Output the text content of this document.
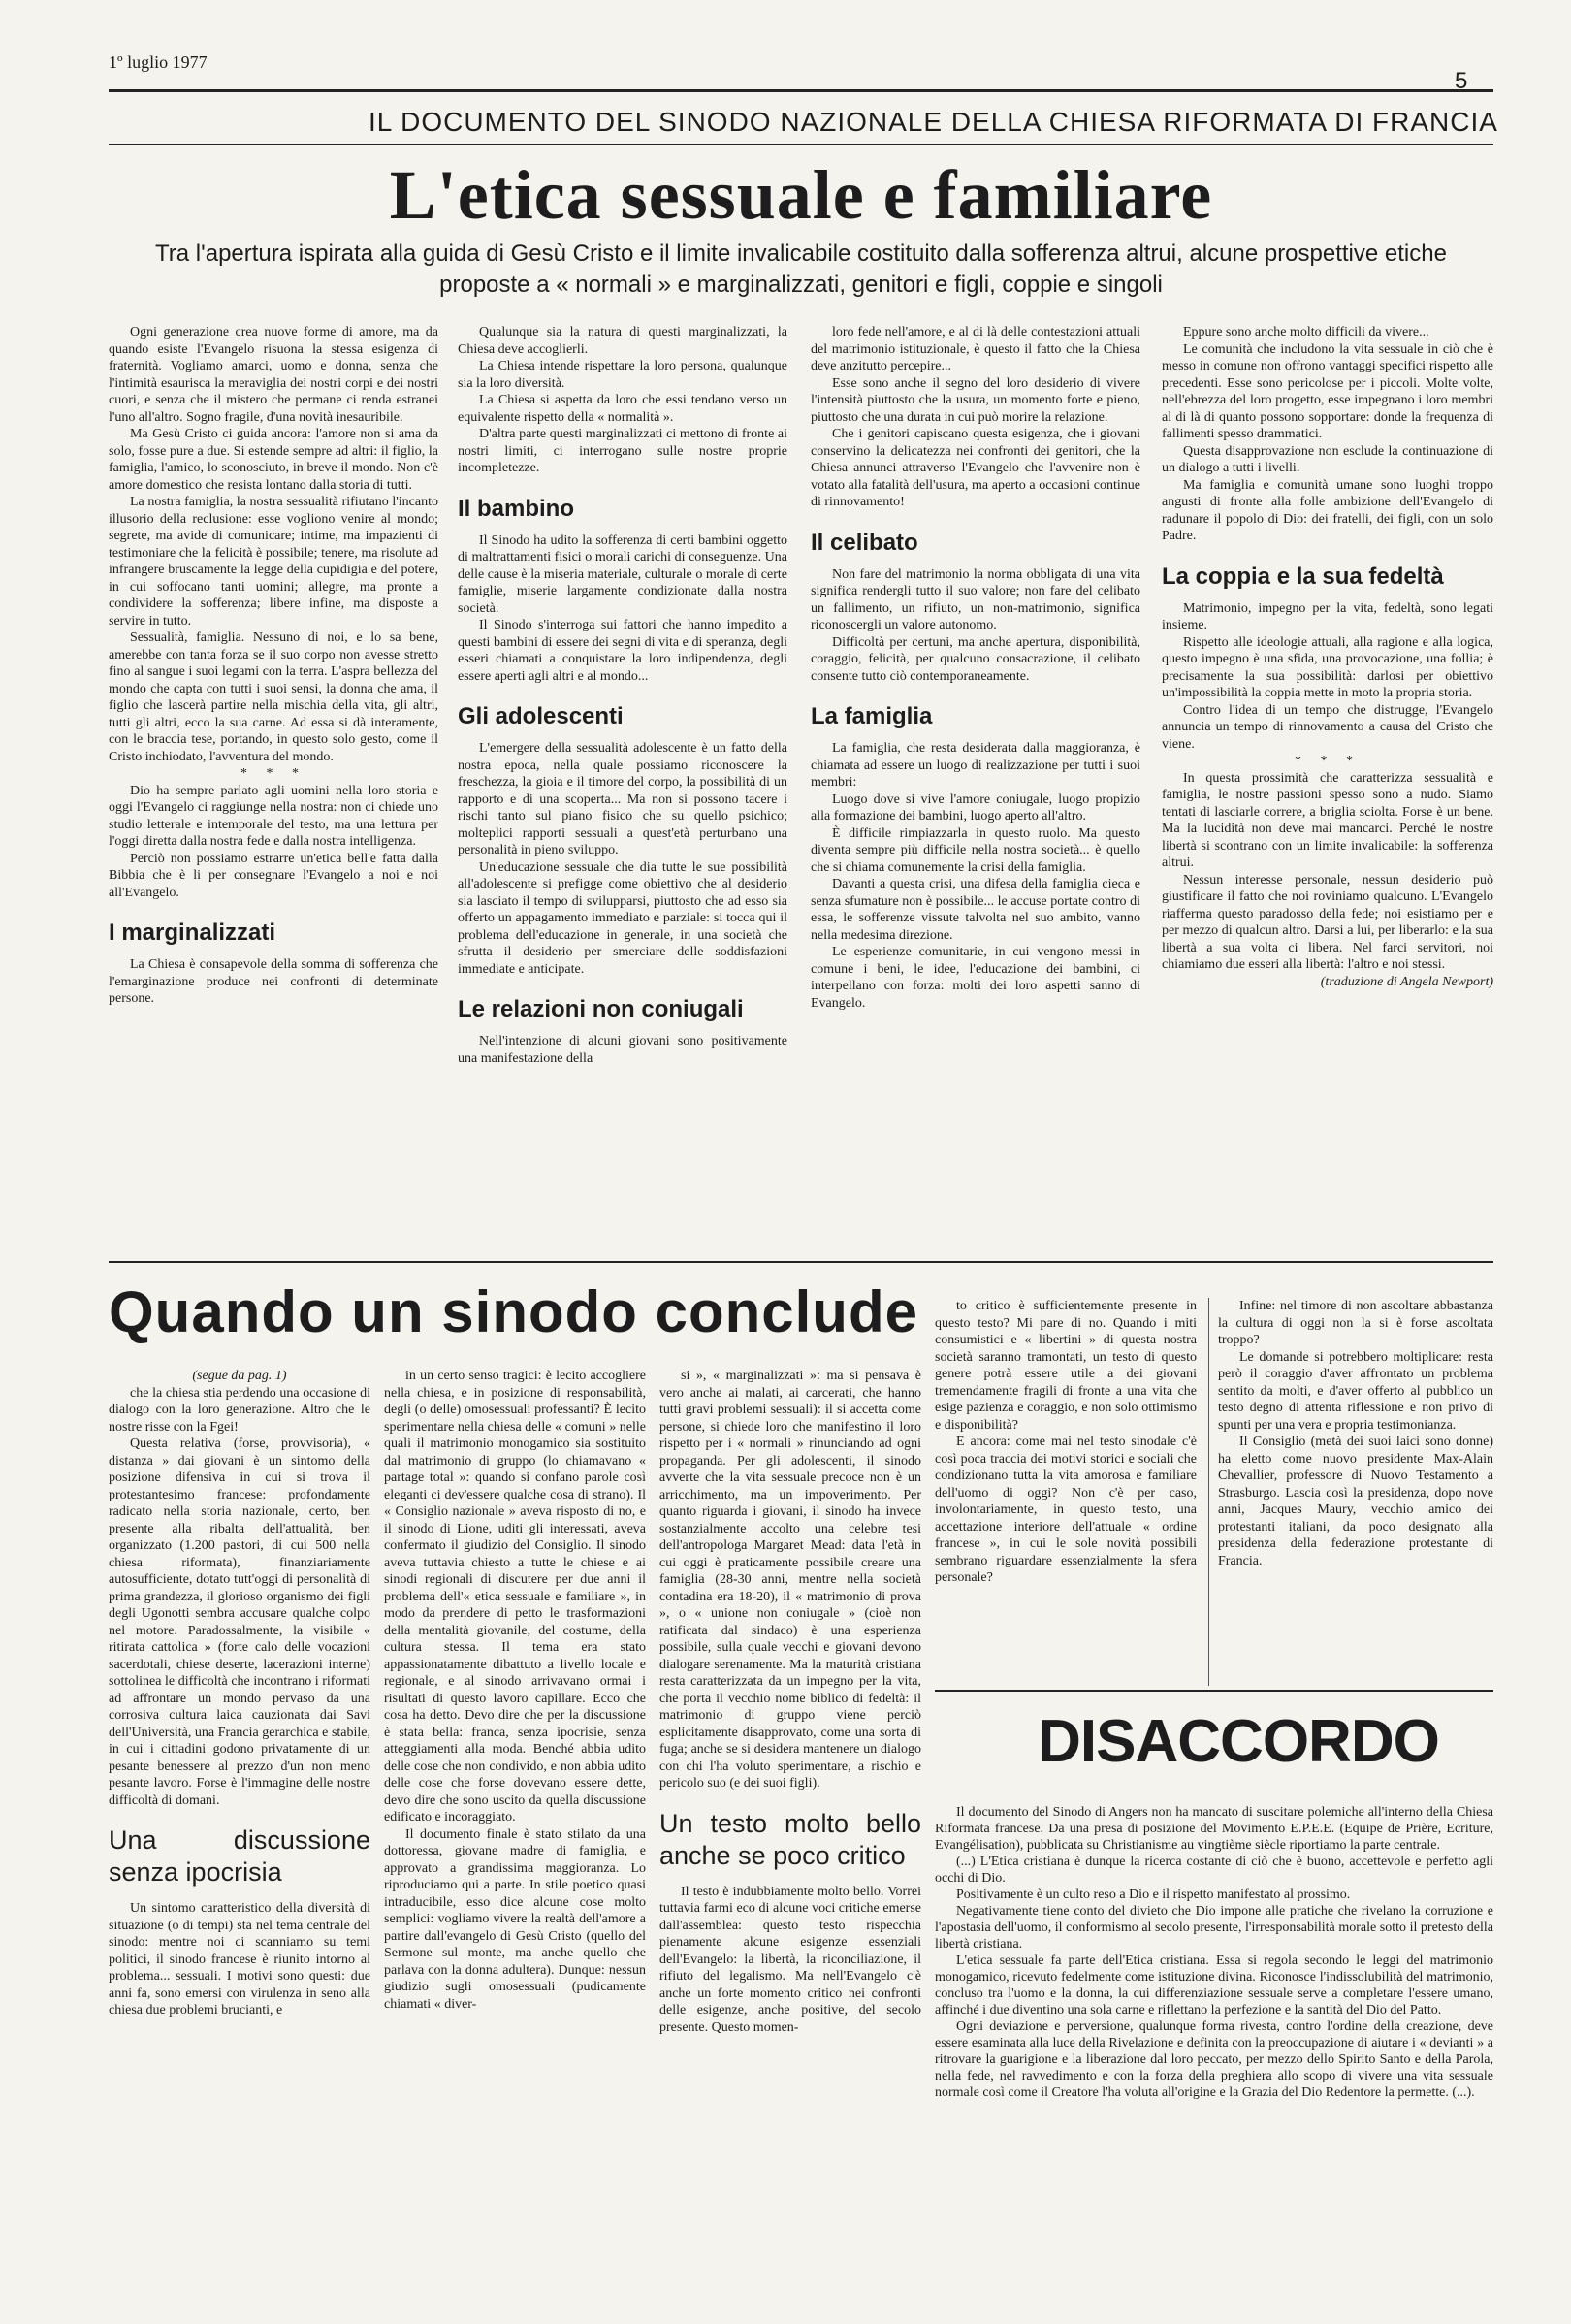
1º luglio 1977
5
IL DOCUMENTO DEL SINODO NAZIONALE DELLA CHIESA RIFORMATA DI FRANCIA
L'etica sessuale e familiare
Tra l'apertura ispirata alla guida di Gesù Cristo e il limite invalicabile costituito dalla sofferenza altrui, alcune prospettive etiche proposte a « normali » e marginalizzati, genitori e figli, coppie e singoli

Ogni generazione crea nuove forme di amore, ma da quando esiste l'Evangelo risuona la stessa esigenza di fraternità. Vogliamo amarci, uomo e donna, senza che l'intimità esaurisca la meraviglia dei nostri corpi e dei nostri cuori, e senza che il mistero che permane ci renda estranei l'uno all'altro. Sogno fragile, d'una novità inesauribile.

Ma Gesù Cristo ci guida ancora: l'amore non si ama da solo, fosse pure a due. Si estende sempre ad altri: il figlio, la famiglia, l'amico, lo sconosciuto, in breve il mondo. Non c'è amore domestico che resista lontano dalla storia di tutti.

La nostra famiglia, la nostra sessualità rifiutano l'incanto illusorio della reclusione: esse vogliono venire al mondo; segrete, ma avide di comunicare; intime, ma impazienti di testimoniare che la felicità è possibile; tenere, ma risolute ad infrangere bruscamente la legge della cupidigia e del potere, in cui soffocano tanti uomini; allegre, ma pronte a condividere la sofferenza; libere infine, ma disposte a servire in tutto.

Sessualità, famiglia. Nessuno di noi, e lo sa bene, amerebbe con tanta forza se il suo corpo non avesse stretto fino al sangue i suoi legami con la terra. L'aspra bellezza del mondo che capta con tutti i suoi sensi, la donna che ama, il figlio che lascerà partire nella mischia della vita, gli altri, tutti gli altri, ecco la sua carne. Ad essa si dà interamente, con le braccia tese, portando, in questo solo gesto, come il Cristo inchiodato, l'avventura del mondo.

* * *

Dio ha sempre parlato agli uomini nella loro storia e oggi l'Evangelo ci raggiunge nella nostra: non ci chiede uno studio letterale e intemporale del testo, ma una lettura per l'oggi diretta dalla nostra fede e dalla nostra intelligenza.

Perciò non possiamo estrarre un'etica bell'e fatta dalla Bibbia che è li per consegnare l'Evangelo a noi e noi all'Evangelo.

I marginalizzati

La Chiesa è consapevole della somma di sofferenza che l'emarginazione produce nei confronti di determinate persone.

Qualunque sia la natura di questi marginalizzati, la Chiesa deve accoglierli.

La Chiesa intende rispettare la loro persona, qualunque sia la loro diversità.

La Chiesa si aspetta da loro che essi tendano verso un equivalente rispetto della « normalità ».

D'altra parte questi marginalizzati ci mettono di fronte ai nostri limiti, ci interrogano sulle nostre proprie incompletezze.

Il bambino

Il Sinodo ha udito la sofferenza di certi bambini oggetto di maltrattamenti fisici o morali carichi di conseguenze. Una delle cause è la miseria materiale, culturale o morale di certe famiglie, miserie largamente condizionate dalla nostra società.

Il Sinodo s'interroga sui fattori che hanno impedito a questi bambini di essere dei segni di vita e di speranza, degli esseri chiamati a conquistare la loro indipendenza, degli essere aperti agli altri e al mondo...

Gli adolescenti

L'emergere della sessualità adolescente è un fatto della nostra epoca, nella quale possiamo riconoscere la freschezza, la gioia e il timore del corpo, la possibilità di un rapporto e di una scoperta... Ma non si possono tacere i rischi tanto sul piano fisico che su quello psichico; molteplici rapporti sessuali a quest'età perturbano una personalità in pieno sviluppo.

Un'educazione sessuale che dia tutte le sue possibilità all'adolescente si prefigge come obiettivo che al desiderio sia lasciato il tempo di svilupparsi, piuttosto che ad esso sia offerto un appagamento immediato e parziale: si tocca qui il problema dell'educazione in generale, in una società che sfrutta il desiderio per smerciare delle soddisfazioni immediate e anticipate.

Le relazioni non coniugali

Nell'intenzione di alcuni giovani sono positivamente una manifestazione della

loro fede nell'amore, e al di là delle contestazioni attuali del matrimonio istituzionale, è questo il fatto che la Chiesa deve anzitutto percepire...

Esse sono anche il segno del loro desiderio di vivere l'intensità piuttosto che la usura, un momento forte e pieno, piuttosto che una durata in cui può morire la relazione.

Che i genitori capiscano questa esigenza, che i giovani conservino la delicatezza nei confronti dei genitori, che la Chiesa annunci attraverso l'Evangelo che l'avvenire non è votato alla fatalità dell'usura, ma aperto a occasioni continue di rinnovamento!

Il celibato

Non fare del matrimonio la norma obbligata di una vita significa rendergli tutto il suo valore; non fare del celibato un fallimento, un rifiuto, un non-matrimonio, significa riconoscergli un valore autonomo.

Difficoltà per certuni, ma anche apertura, disponibilità, coraggio, felicità, per qualcuno consacrazione, il celibato consente tutto ciò contemporaneamente.

La famiglia

La famiglia, che resta desiderata dalla maggioranza, è chiamata ad essere un luogo di realizzazione per tutti i suoi membri:

Luogo dove si vive l'amore coniugale, luogo propizio alla formazione dei bambini, luogo aperto all'altro.

È difficile rimpiazzarla in questo ruolo. Ma questo diventa sempre più difficile nella nostra società... è quello che si chiama comunemente la crisi della famiglia.

Davanti a questa crisi, una difesa della famiglia cieca e senza sfumature non è possibile... le accuse portate contro di essa, le sofferenze vissute talvolta nel suo ambito, vanno nella medesima direzione.

Le esperienze comunitarie, in cui vengono messi in comune i beni, le idee, l'educazione dei bambini, ci interpellano con forza: molti dei loro aspetti sanno di Evangelo.

Eppure sono anche molto difficili da vivere...

Le comunità che includono la vita sessuale in ciò che è messo in comune non offrono vantaggi specifici rispetto alle precedenti. Esse sono pericolose per i piccoli. Molte volte, nell'ebrezza del loro progetto, esse impegnano i loro membri al di là di quanto possono sopportare: donde la frequenza di fallimenti spesso drammatici.

Questa disapprovazione non esclude la continuazione di un dialogo a tutti i livelli.

Ma famiglia e comunità umane sono luoghi troppo angusti di fronte alla folle ambizione dell'Evangelo di radunare il popolo di Dio: dei fratelli, dei figli, con un solo Padre.

La coppia e la sua fedeltà

Matrimonio, impegno per la vita, fedeltà, sono legati insieme.

Rispetto alle ideologie attuali, alla ragione e alla logica, questo impegno è una sfida, una provocazione, una follia; è precisamente la sua possibilità: darlosi per obiettivo un'impossibilità la coppia mette in moto la propria storia.

Contro l'idea di un tempo che distrugge, l'Evangelo annuncia un tempo di rinnovamento a causa del Cristo che viene.

* * *

In questa prossimità che caratterizza sessualità e famiglia, le nostre passioni spesso sono a nudo. Siamo tentati di lasciarle correre, a briglia sciolta. Forse è un bene. Ma la lucidità non deve mai mancarci. Perché le nostre libertà si scontrano con un limite invalicabile: la sofferenza altrui.

Nessun interesse personale, nessun desiderio può giustificare il fatto che noi roviniamo qualcuno. L'Evangelo riafferma questo paradosso della fede; noi esistiamo per e per mezzo di qualcun altro. Darsi a lui, per liberarlo: e la sua libertà a sua volta ci libera. Nel farci servitori, noi chiamiamo due esseri alla libertà: l'altro e noi stessi.

(traduzione di Angela Newport)

Quando un sinodo conclude

(segue da pag. 1)

che la chiesa stia perdendo una occasione di dialogo con la loro generazione. Altro che le nostre risse con la Fgei!

Questa relativa (forse, provvisoria), « distanza » dai giovani è un sintomo della posizione difensiva in cui si trova il protestantesimo francese: profondamente radicato nella storia nazionale, certo, ben presente alla ribalta dell'attualità, ben organizzato (1.200 pastori, di cui 500 nella chiesa riformata), finanziariamente autosufficiente, dotato tutt'oggi di personalità di prima grandezza, il glorioso organismo dei figli degli Ugonotti sembra accusare qualche colpo nel motore. Paradossalmente, la visibile « ritirata cattolica » (forte calo delle vocazioni sacerdotali, chiese deserte, lacerazioni interne) sottolinea le difficoltà che incontrano i riformati ad affrontare un mondo pervaso da una corrosiva cultura laica cauzionata dai Savi dell'Università, una Francia gerarchica e stabile, in cui i cittadini godono privatamente di un pesante benessere al prezzo d'un non meno pesante lavoro. Forse è l'immagine delle nostre difficoltà di domani.

Una discussione senza ipocrisia

Un sintomo caratteristico della diversità di situazione (o di tempi) sta nel tema centrale del sinodo: mentre noi ci scanniamo su temi politici, il sinodo francese è riunito intorno al problema... sessuali. I motivi sono questi: due anni fa, sono emersi con virulenza in seno alla chiesa due problemi brucianti, e

in un certo senso tragici: è lecito accogliere nella chiesa, e in posizione di responsabilità, degli (o delle) omosessuali professanti? È lecito sperimentare nella chiesa delle « comuni » nelle quali il matrimonio monogamico sia sostituito dal matrimonio di gruppo (lo chiamavano « partage total »: quando si confano parole così eleganti ci dev'essere qualche cosa di strano). Il « Consiglio nazionale » aveva risposto di no, e il sinodo di Lione, uditi gli interessati, aveva confermato il giudizio del Consiglio. Il sinodo aveva tuttavia chiesto a tutte le chiese e ai sinodi regionali di discutere per due anni il problema dell'« etica sessuale e familiare », in modo da prendere di petto le trasformazioni della mentalità giovanile, del costume, della cultura stessa. Il tema era stato appassionatamente dibattuto a livello locale e regionale, e al sinodo arrivavano ormai i risultati di questo lavoro capillare. Ecco che cosa ha detto. Devo dire che per la discussione è stata bella: franca, senza ipocrisie, senza atteggiamenti alla moda. Benché abbia udito delle cose che non condivido, e non abbia udito delle cose che forse dovevano essere dette, devo dire che sono uscito da quella discussione edificato e incoraggiato.

Il documento finale è stato stilato da una dottoressa, giovane madre di famiglia, e approvato a grandissima maggioranza. Lo riproduciamo qui a parte. In stile poetico quasi intraducibile, esso dice alcune cose molto semplici: vogliamo vivere la realtà dell'amore a partire dall'evangelo di Gesù Cristo (quello del Sermone sul monte, ma anche quello che parlava con la donna adultera). Dunque: nessun giudizio sugli omosessuali (pudicamente chiamati « diver-

si », « marginalizzati »: ma si pensava è vero anche ai malati, ai carcerati, che hanno tutti gravi problemi sessuali): il si accetta come persone, si chiede loro che manifestino il loro rispetto per i « normali » rinunciando ad ogni propaganda. Per gli adolescenti, il sinodo avverte che la vita sessuale precoce non è un arricchimento, ma un impoverimento. Per quanto riguarda i giovani, il sinodo ha invece sostanzialmente accolto una celebre tesi dell'antropologa Margaret Mead: data l'età in cui oggi è praticamente possibile creare una famiglia (28-30 anni, mentre nella società contadina era 18-20), il « matrimonio di prova », o « unione non coniugale » (cioè non ratificata dal sindaco) è una esperienza possibile, sulla quale vecchi e giovani devono dialogare serenamente. Ma la maturità cristiana resta caratterizzata da un impegno per la vita, che porta il vecchio nome biblico di fedeltà: il matrimonio di gruppo viene perciò esplicitamente disapprovato, come una sorta di fuga; anche se si desidera mantenere un dialogo con chi l'ha voluto sperimentare, a rischio e pericolo suo (e dei suoi figli).

Un testo molto bello anche se poco critico

Il testo è indubbiamente molto bello. Vorrei tuttavia farmi eco di alcune voci critiche emerse dall'assemblea: questo testo rispecchia pienamente alcune esigenze essenziali dell'Evangelo: la libertà, la riconciliazione, il rifiuto del legalismo. Ma nell'Evangelo c'è anche un forte momento critico nei confronti delle esigenze, anche positive, del secolo presente. Questo momen-

to critico è sufficientemente presente in questo testo? Mi pare di no. Quando i miti consumistici e « libertini » di questa nostra società saranno tramontati, un testo di questo genere potrà essere utile a dei giovani tremendamente fragili di fronte a una vita che esige pazienza e coraggio, e non solo ottimismo e disponibilità?

E ancora: come mai nel testo sinodale c'è così poca traccia dei motivi storici e sociali che condizionano tutta la vita amorosa e familiare dell'uomo di oggi? Non c'è per caso, involontariamente, in questo testo, una accettazione interiore dell'attuale « ordine francese », in cui le sole novità possibili sembrano riguardare essenzialmente la sfera personale?

Infine: nel timore di non ascoltare abbastanza la cultura di oggi non la si è forse ascoltata troppo?

Le domande si potrebbero moltiplicare: resta però il coraggio d'aver affrontato un problema sentito da molti, e d'aver offerto al pubblico un testo degno di attenta riflessione e non privo di spunti per una vera e propria testimonianza.

Il Consiglio (metà dei suoi laici sono donne) ha eletto come nuovo presidente Max-Alain Chevallier, professore di Nuovo Testamento a Strasburgo. Lascia così la presidenza, dopo nove anni, Jacques Maury, vecchio amico dei protestanti italiani, da poco designato alla presidenza della federazione protestante di Francia.

DISACCORDO

Il documento del Sinodo di Angers non ha mancato di suscitare polemiche all'interno della Chiesa Riformata francese. Da una presa di posizione del Movimento E.P.E.E. (Equipe de Prière, Ecriture, Evangélisation), pubblicata su Christianisme au vingtième siècle riportiamo la parte centrale.

(...) L'Etica cristiana è dunque la ricerca costante di ciò che è buono, accettevole e perfetto agli occhi di Dio.

Positivamente è un culto reso a Dio e il rispetto manifestato al prossimo.

Negativamente tiene conto del divieto che Dio impone alle pratiche che rivelano la corruzione e l'apostasia dell'uomo, il conformismo al secolo presente, l'irresponsabilità morale sotto il pretesto della libertà cristiana.

L'etica sessuale fa parte dell'Etica cristiana. Essa si regola secondo le leggi del matrimonio monogamico, ricevuto fedelmente come istituzione divina. Riconosce l'indissolubilità del matrimonio, concluso tra l'uomo e la donna, la cui differenziazione sessuale serve a completare l'essere umano, affinché i due diventino una sola carne e riflettano la perfezione e la santità del Dio del Patto.

Ogni deviazione e perversione, qualunque forma rivesta, contro l'ordine della creazione, deve essere esaminata alla luce della Rivelazione e definita con la preoccupazione di aiutare i « devianti » a ritrovare la guarigione e la liberazione dal loro peccato, per mezzo dello Spirito Santo e della Parola, nella fede, nel ravvedimento e con la forza della preghiera allo scopo di vivere una vita sessuale normale così come il Creatore l'ha voluta all'origine e la Grazia del Dio Redentore la permette. (...).
